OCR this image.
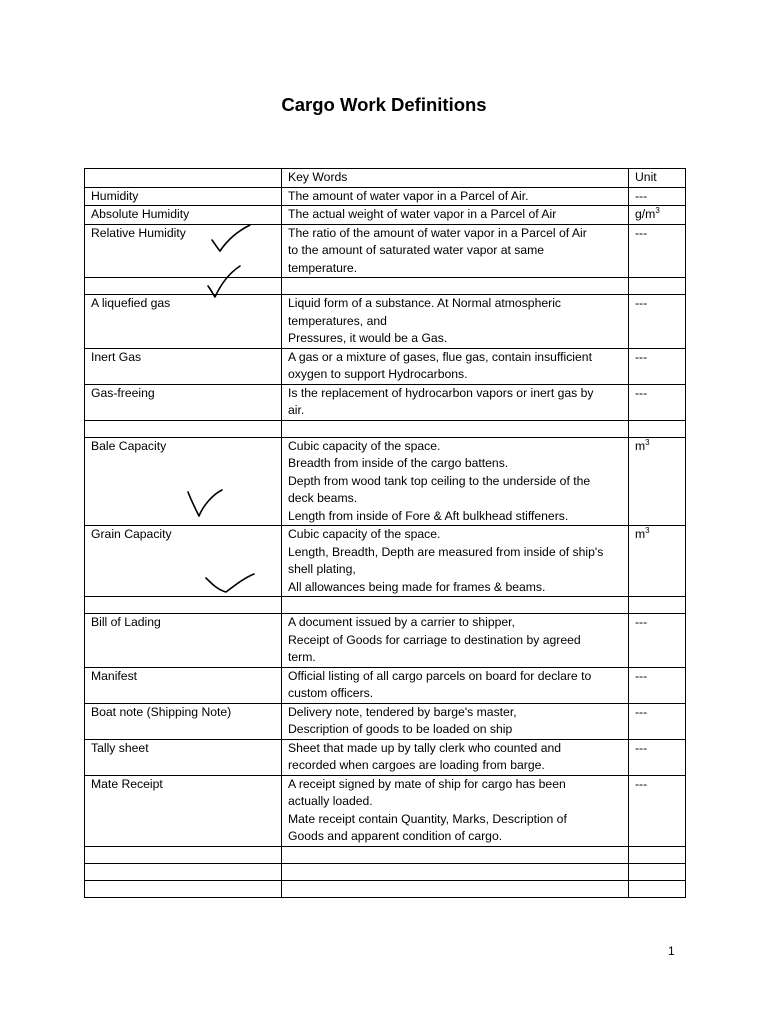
Cargo Work Definitions
	Key Words	Unit
Humidity	The amount of water vapor in a Parcel of Air.	---
Absolute Humidity	The actual weight of water vapor in a Parcel of Air	$g/m^3$
Relative Humidity	The ratio of the amount of water vapor in a Parcel of Air
to the amount of saturated water vapor at same
temperature.	---

A liquefied gas	Liquid form of a substance. At Normal atmospheric
temperatures, and
Pressures, it would be a Gas.	---
Inert Gas	A gas or a mixture of gases, flue gas, contain insufficient
oxygen to support Hydrocarbons.	---
Gas-freeing	Is the replacement of hydrocarbon vapors or inert gas by
air.	---

Bale Capacity	Cubic capacity of the space.
Breadth from inside of the cargo battens.
Depth from wood tank top ceiling to the underside of the
deck beams.
Length from inside of Fore & Aft bulkhead stiffeners.	$m^3$
Grain Capacity	Cubic capacity of the space.
Length, Breadth, Depth are measured from inside of ship's
shell plating,
All allowances being made for frames & beams.	$m^3$

Bill of Lading	A document issued by a carrier to shipper,
Receipt of Goods for carriage to destination by agreed
term.	---
Manifest	Official listing of all cargo parcels on board for declare to
custom officers.	---
Boat note (Shipping Note)	Delivery note, tendered by barge's master,
Description of goods to be loaded on ship	---
Tally sheet	Sheet that made up by tally clerk who counted and
recorded when cargoes are loading from barge.	---
Mate Receipt	A receipt signed by mate of ship for cargo has been
actually loaded.
Mate receipt contain Quantity, Marks, Description of
Goods and apparent condition of cargo.	---

1
